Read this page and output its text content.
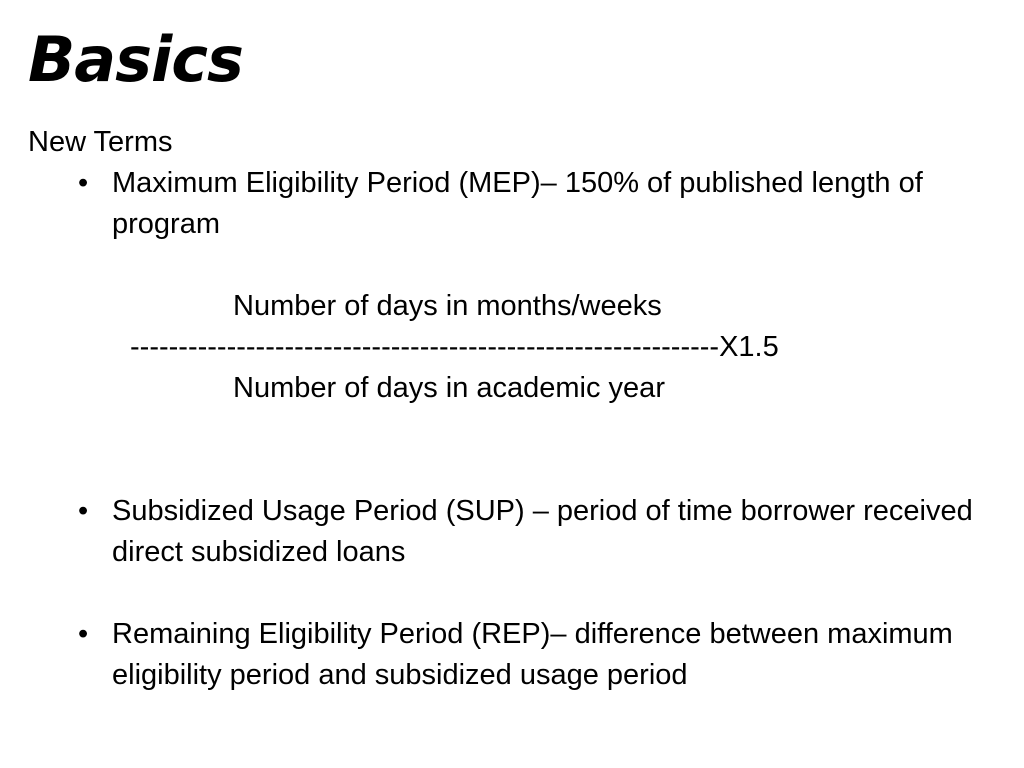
Basics

New Terms

• Maximum Eligibility Period (MEP)– 150% of published length of program

Number of days in months/weeks

-------------------------------------------------------------X1.5

Number of days in academic year

• Subsidized Usage Period (SUP) – period of time borrower received direct subsidized loans
• Remaining Eligibility Period (REP)– difference between maximum eligibility period and subsidized usage period
